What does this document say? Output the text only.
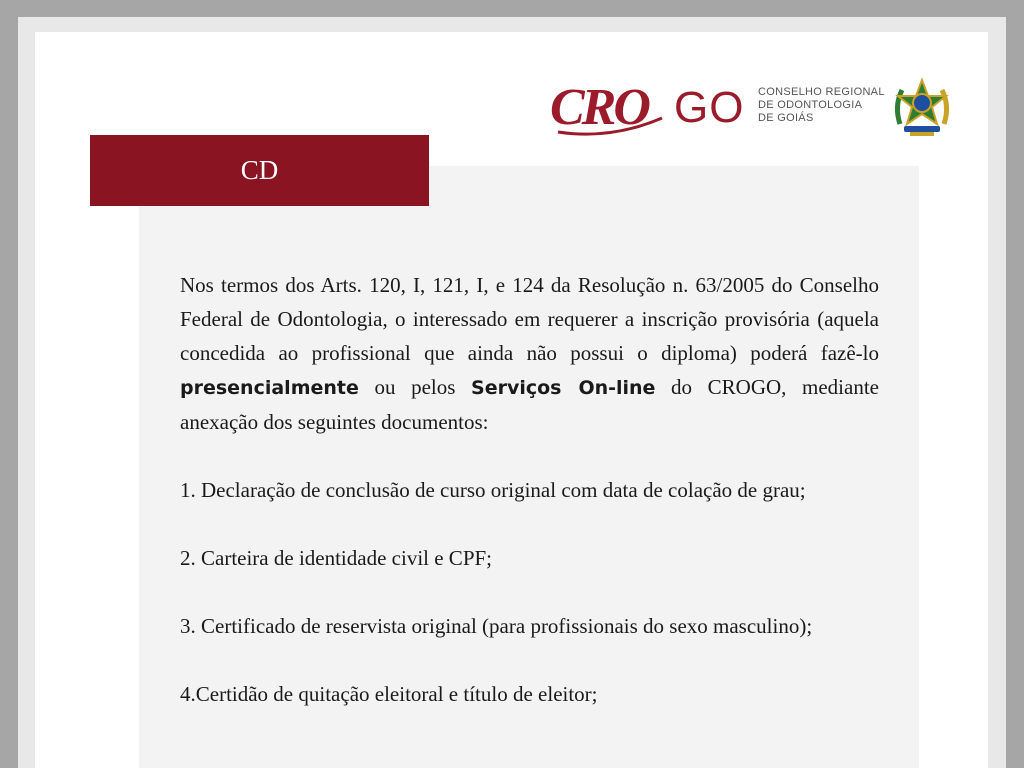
CRO GO CONSELHO REGIONAL
DE ODONTOLOGIA
DE GOIÁS
CD

Nos termos dos Arts. 120, I, 121, I, e 124 da Resolução n. 63/2005 do Conselho Federal de Odontologia, o interessado em requerer a inscrição provisória (aquela concedida ao profissional que ainda não possui o diploma) poderá fazê-lo presencialmente ou pelos Serviços On-line do CROGO, mediante anexação dos seguintes documentos:

1. Declaração de conclusão de curso original com data de colação de grau;
2. Carteira de identidade civil e CPF;
3. Certificado de reservista original (para profissionais do sexo masculino);
4.Certidão de quitação eleitoral e título de eleitor;
